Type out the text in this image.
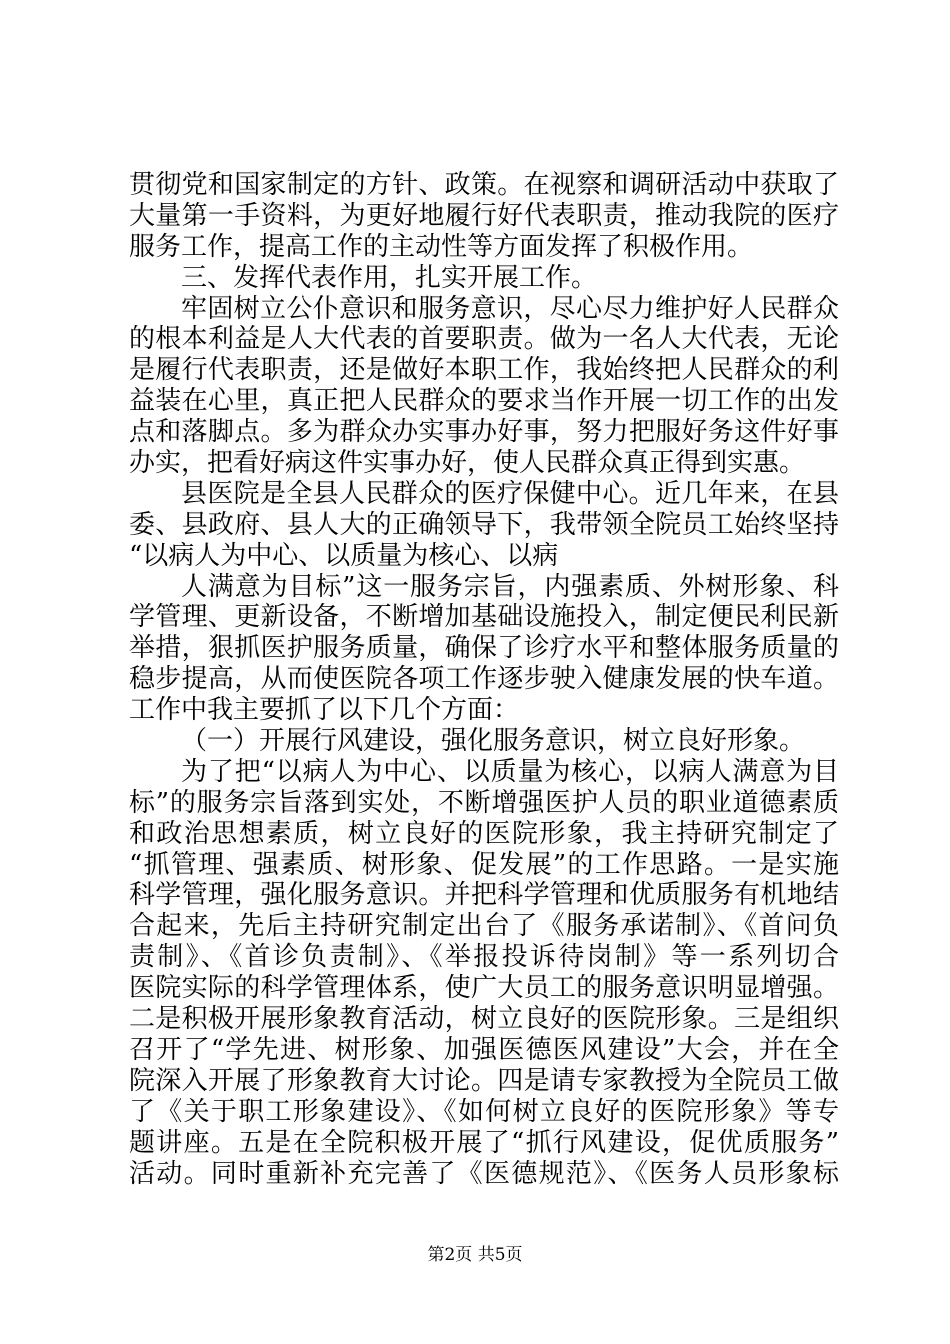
贯彻党和国家制定的方针、政策。在视察和调研活动中获取了
大量第一手资料，为更好地履行好代表职责，推动我院的医疗
服务工作，提高工作的主动性等方面发挥了积极作用。
三、发挥代表作用，扎实开展工作。
牢固树立公仆意识和服务意识，尽心尽力维护好人民群众
的根本利益是人大代表的首要职责。做为一名人大代表，无论
是履行代表职责，还是做好本职工作，我始终把人民群众的利
益装在心里，真正把人民群众的要求当作开展一切工作的出发
点和落脚点。多为群众办实事办好事，努力把服好务这件好事
办实，把看好病这件实事办好，使人民群众真正得到实惠。
县医院是全县人民群众的医疗保健中心。近几年来，在县
委、县政府、县人大的正确领导下，我带领全院员工始终坚持
“以病人为中心、以质量为核心、以病
人满意为目标”这一服务宗旨，内强素质、外树形象、科
学管理、更新设备，不断增加基础设施投入，制定便民利民新
举措，狠抓医护服务质量，确保了诊疗水平和整体服务质量的
稳步提高，从而使医院各项工作逐步驶入健康发展的快车道。
工作中我主要抓了以下几个方面：
（一）开展行风建设，强化服务意识，树立良好形象。
为了把“以病人为中心、以质量为核心，以病人满意为目
标”的服务宗旨落到实处，不断增强医护人员的职业道德素质
和政治思想素质，树立良好的医院形象，我主持研究制定了
“抓管理、强素质、树形象、促发展”的工作思路。一是实施
科学管理，强化服务意识。并把科学管理和优质服务有机地结
合起来，先后主持研究制定出台了《服务承诺制》、《首问负
责制》、《首诊负责制》、《举报投诉待岗制》等一系列切合
医院实际的科学管理体系，使广大员工的服务意识明显增强。
二是积极开展形象教育活动，树立良好的医院形象。三是组织
召开了“学先进、树形象、加强医德医风建设”大会，并在全
院深入开展了形象教育大讨论。四是请专家教授为全院员工做
了《关于职工形象建设》、《如何树立良好的医院形象》等专
题讲座。五是在全院积极开展了“抓行风建设，促优质服务”
活动。同时重新补充完善了《医德规范》、《医务人员形象标
第2页 共5页
